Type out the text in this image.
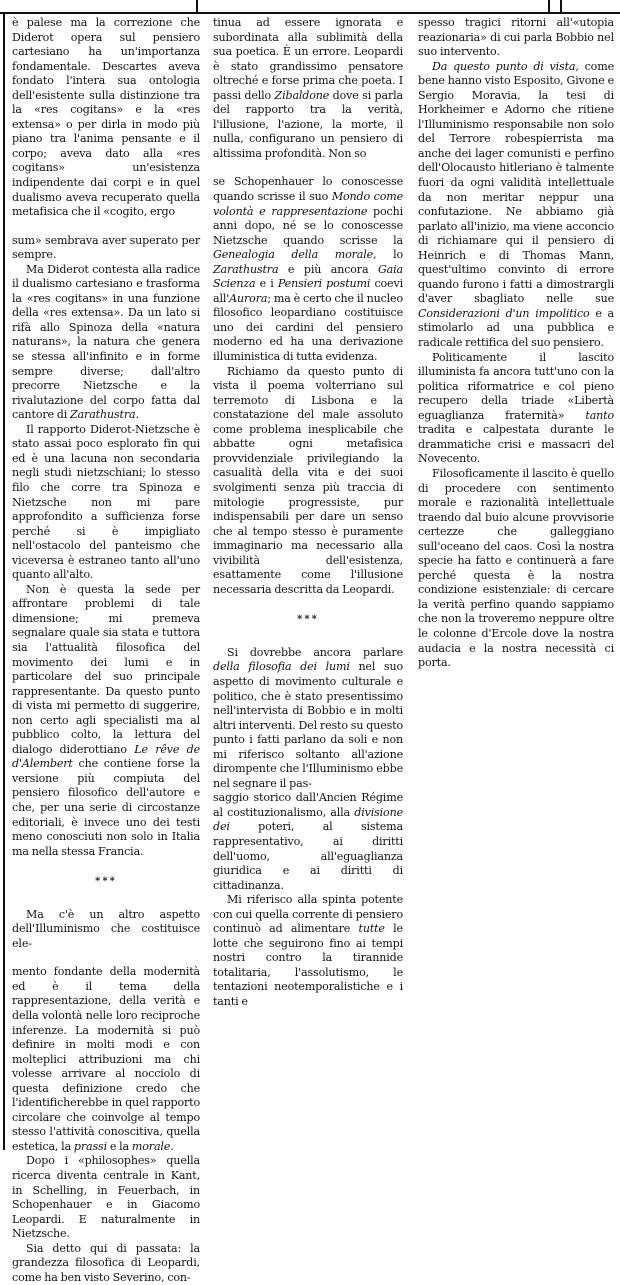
è palese ma la correzione che Diderot opera sul pensiero cartesiano ha un'importanza fondamentale. Descartes aveva fondato l'intera sua ontologia dell'esistente sulla distinzione tra la «res cogitans» e la «res extensa» o per dirla in modo più piano tra l'anima pensante e il corpo; aveva dato alla «res cogitans» un'esistenza indipendente dai corpi e in quel dualismo aveva recuperato quella metafisica che il «cogito, ergo

sum» sembrava aver superato per sempre.

Ma Diderot contesta alla radice il dualismo cartesiano e trasforma la «res cogitans» in una funzione della «res extensa». Da un lato si rifà allo Spinoza della «natura naturans», la natura che genera se stessa all'infinito e in forme sempre diverse; dall'altro precorre Nietzsche e la rivalutazione del corpo fatta dal cantore di Zarathustra.

Il rapporto Diderot-Nietzsche è stato assai poco esplorato fin qui ed è una lacuna non secondaria negli studi nietzschiani; lo stesso filo che corre tra Spinoza e Nietzsche non mi pare approfondito a sufficienza forse perché si è impigliato nell'ostacolo del panteismo che viceversa è estraneo tanto all'uno quanto all'alto.

Non è questa la sede per affrontare problemi di tale dimensione; mi premeva segnalare quale sia stata e tuttora sia l'attualità filosofica del movimento dei lumi e in particolare del suo principale rappresentante. Da questo punto di vista mi permetto di suggerire, non certo agli specialisti ma al pubblico colto, la lettura del dialogo diderottiano Le rêve de d'Alembert che contiene forse la versione più compiuta del pensiero filosofico dell'autore e che, per una serie di circostanze editoriali, è invece uno dei testi meno conosciuti non solo in Italia ma nella stessa Francia.

***

Ma c'è un altro aspetto dell'Illuminismo che costituisce ele-

mento fondante della modernità ed è il tema della rappresentazione, della verità e della volontà nelle loro reciproche inferenze. La modernità si può definire in molti modi e con molteplici attribuzioni ma chi volesse arrivare al nocciolo di questa definizione credo che l'identificherebbe in quel rapporto circolare che coinvolge al tempo stesso l'attività conoscitiva, quella estetica, la prassi e la morale.

Dopo i «philosophes» quella ricerca diventa centrale in Kant, in Schelling, in Feuerbach, in Schopenhauer e in Giacomo Leopardi. E naturalmente in Nietzsche.

Sia detto qui di passata: la grandezza filosofica di Leopardi, come ha ben visto Severino, con-

tinua ad essere ignorata e subordinata alla sublimità della sua poetica. È un errore. Leopardi è stato grandissimo pensatore oltreché e forse prima che poeta. I passi dello Zibaldone dove si parla del rapporto tra la verità, l'illusione, l'azione, la morte, il nulla, configurano un pensiero di altissima profondità. Non so

se Schopenhauer lo conoscesse quando scrisse il suo Mondo come volontà e rappresentazione pochi anni dopo, né se lo conoscesse Nietzsche quando scrisse la Genealogia della morale, lo Zarathustra e più ancora Gaia Scienza e i Pensieri postumi coevi all'Aurora; ma è certo che il nucleo filosofico leopardiano costituisce uno dei cardini del pensiero moderno ed ha una derivazione illuministica di tutta evidenza.

Richiamo da questo punto di vista il poema volterriano sul terremoto di Lisbona e la constatazione del male assoluto come problema inesplicabile che abbatte ogni metafisica provvidenziale privilegiando la casualità della vita e dei suoi svolgimenti senza più traccia di mitologie progressiste, pur indispensabili per dare un senso che al tempo stesso è puramente immaginario ma necessario alla vivibilità dell'esistenza, esattamente come l'illusione necessaria descritta da Leopardi.

***

Si dovrebbe ancora parlare della filosofia dei lumi nel suo aspetto di movimento culturale e politico, che è stato presentissimo nell'intervista di Bobbio e in molti altri interventi. Del resto su questo punto i fatti parlano da soli e non mi riferisco soltanto all'azione dirompente che l'Illuminismo ebbe nel segnare il pas-

saggio storico dall'Ancien Régime al costituzionalismo, alla divisione dei poteri, al sistema rappresentativo, ai diritti dell'uomo, all'eguaglianza giuridica e ai diritti di cittadinanza.

Mi riferisco alla spinta potente con cui quella corrente di pensiero continuò ad alimentare tutte le lotte che seguirono fino ai tempi nostri contro la tirannide totalitaria, l'assolutismo, le tentazioni neotemporalistiche e i tanti e

spesso tragici ritorni all'«utopia reazionaria» di cui parla Bobbio nel suo intervento.

Da questo punto di vista, come bene hanno visto Esposito, Givone e Sergio Moravia, la tesi di Horkheimer e Adorno che ritiene l'Illuminismo responsabile non solo del Terrore robespierrista ma anche dei lager comunisti e perfino dell'Olocausto hitleriano è talmente fuori da ogni validità intellettuale da non meritar neppur una confutazione. Ne abbiamo già parlato all'inizio, ma viene acconcio di richiamare qui il pensiero di Heinrich e di Thomas Mann, quest'ultimo convinto di errore quando furono i fatti a dimostrargli d'aver sbagliato nelle sue Considerazioni d'un impolitico e a stimolarlo ad una pubblica e radicale rettifica del suo pensiero.

Politicamente il lascito illuminista fa ancora tutt'uno con la politica riformatrice e col pieno recupero della triade «Libertà eguaglianza fraternità» tanto tradita e calpestata durante le drammatiche crisi e massacri del Novecento.

Filosoficamente il lascito è quello di procedere con sentimento morale e razionalità intellettuale traendo dal buio alcune provvisorie certezze che galleggiano sull'oceano del caos. Così la nostra specie ha fatto e continuerà a fare perché questa è la nostra condizione esistenziale: di cercare la verità perfino quando sappiamo che non la troveremo neppure oltre le colonne d'Ercole dove la nostra audacia e la nostra necessità ci porta.
